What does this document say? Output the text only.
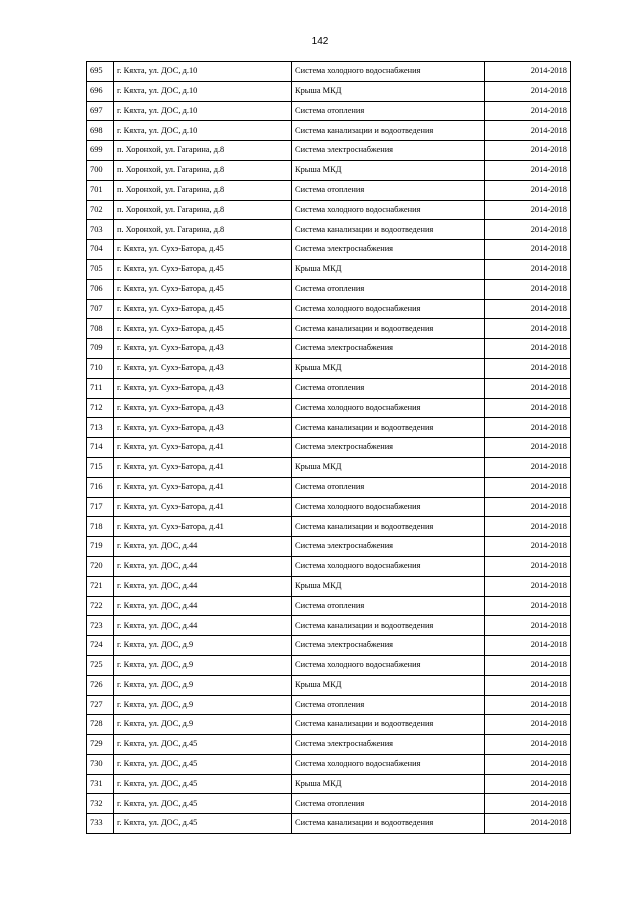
142
695	г. Кяхта, ул. ДОС, д.10	Система холодного водоснабжения	2014-2018
696	г. Кяхта, ул. ДОС, д.10	Крыша МКД	2014-2018
697	г. Кяхта, ул. ДОС, д.10	Система отопления	2014-2018
698	г. Кяхта, ул. ДОС, д.10	Система канализации и водоотведения	2014-2018
699	п. Хоронхой, ул. Гагарина, д.8	Система электроснабжения	2014-2018
700	п. Хоронхой, ул. Гагарина, д.8	Крыша МКД	2014-2018
701	п. Хоронхой, ул. Гагарина, д.8	Система отопления	2014-2018
702	п. Хоронхой, ул. Гагарина, д.8	Система холодного водоснабжения	2014-2018
703	п. Хоронхой, ул. Гагарина, д.8	Система канализации и водоотведения	2014-2018
704	г. Кяхта, ул. Сухэ-Батора, д.45	Система электроснабжения	2014-2018
705	г. Кяхта, ул. Сухэ-Батора, д.45	Крыша МКД	2014-2018
706	г. Кяхта, ул. Сухэ-Батора, д.45	Система отопления	2014-2018
707	г. Кяхта, ул. Сухэ-Батора, д.45	Система холодного водоснабжения	2014-2018
708	г. Кяхта, ул. Сухэ-Батора, д.45	Система канализации и водоотведения	2014-2018
709	г. Кяхта, ул. Сухэ-Батора, д.43	Система электроснабжения	2014-2018
710	г. Кяхта, ул. Сухэ-Батора, д.43	Крыша МКД	2014-2018
711	г. Кяхта, ул. Сухэ-Батора, д.43	Система отопления	2014-2018
712	г. Кяхта, ул. Сухэ-Батора, д.43	Система холодного водоснабжения	2014-2018
713	г. Кяхта, ул. Сухэ-Батора, д.43	Система канализации и водоотведения	2014-2018
714	г. Кяхта, ул. Сухэ-Батора, д.41	Система электроснабжения	2014-2018
715	г. Кяхта, ул. Сухэ-Батора, д.41	Крыша МКД	2014-2018
716	г. Кяхта, ул. Сухэ-Батора, д.41	Система отопления	2014-2018
717	г. Кяхта, ул. Сухэ-Батора, д.41	Система холодного водоснабжения	2014-2018
718	г. Кяхта, ул. Сухэ-Батора, д.41	Система канализации и водоотведения	2014-2018
719	г. Кяхта, ул. ДОС, д.44	Система электроснабжения	2014-2018
720	г. Кяхта, ул. ДОС, д.44	Система холодного водоснабжения	2014-2018
721	г. Кяхта, ул. ДОС, д.44	Крыша МКД	2014-2018
722	г. Кяхта, ул. ДОС, д.44	Система отопления	2014-2018
723	г. Кяхта, ул. ДОС, д.44	Система канализации и водоотведения	2014-2018
724	г. Кяхта, ул. ДОС, д.9	Система электроснабжения	2014-2018
725	г. Кяхта, ул. ДОС, д.9	Система холодного водоснабжения	2014-2018
726	г. Кяхта, ул. ДОС, д.9	Крыша МКД	2014-2018
727	г. Кяхта, ул. ДОС, д.9	Система отопления	2014-2018
728	г. Кяхта, ул. ДОС, д.9	Система канализации и водоотведения	2014-2018
729	г. Кяхта, ул. ДОС, д.45	Система электроснабжения	2014-2018
730	г. Кяхта, ул. ДОС, д.45	Система холодного водоснабжения	2014-2018
731	г. Кяхта, ул. ДОС, д.45	Крыша МКД	2014-2018
732	г. Кяхта, ул. ДОС, д.45	Система отопления	2014-2018
733	г. Кяхта, ул. ДОС, д.45	Система канализации и водоотведения	2014-2018
